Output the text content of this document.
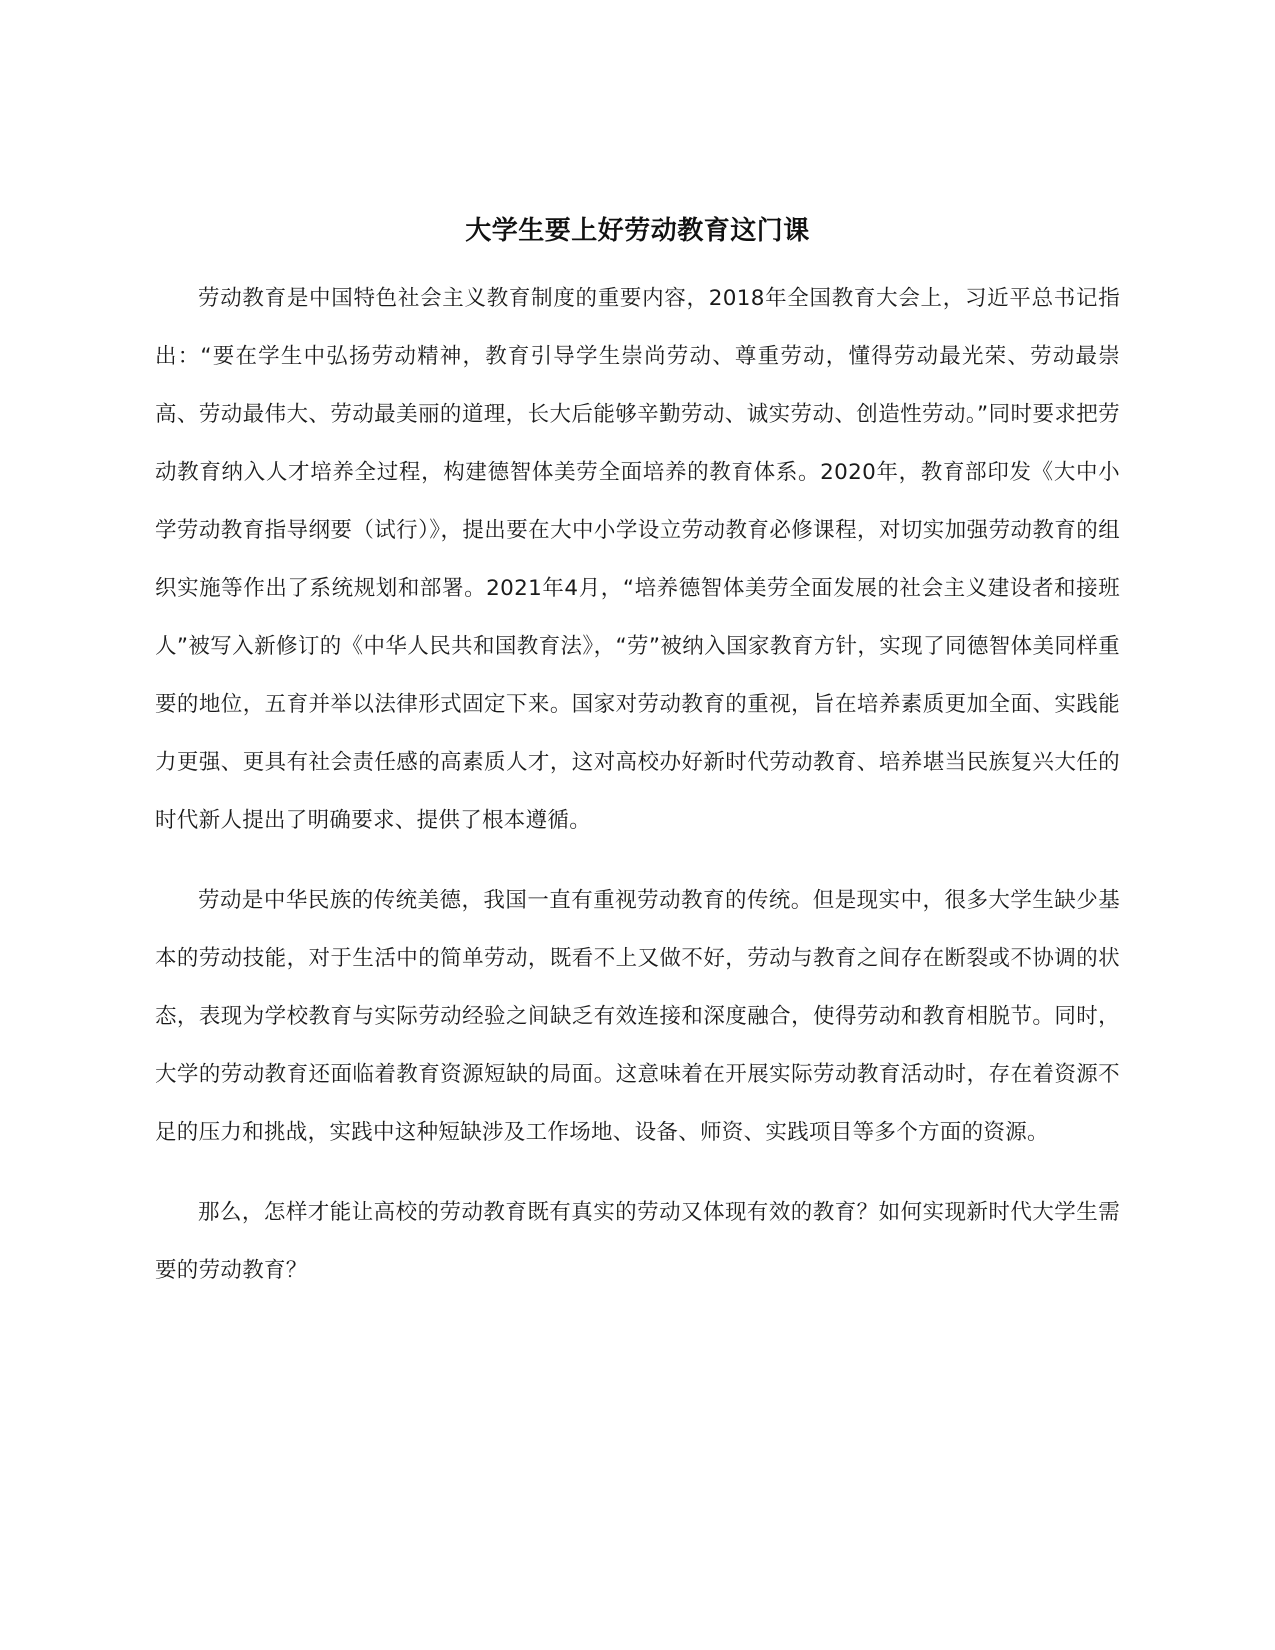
大学生要上好劳动教育这门课

劳动教育是中国特色社会主义教育制度的重要内容，2018年全国教育大会上，习近平总书记指出：“要在学生中弘扬劳动精神，教育引导学生崇尚劳动、尊重劳动，懂得劳动最光荣、劳动最崇高、劳动最伟大、劳动最美丽的道理，长大后能够辛勤劳动、诚实劳动、创造性劳动。”同时要求把劳动教育纳入人才培养全过程，构建德智体美劳全面培养的教育体系。2020年，教育部印发《大中小学劳动教育指导纲要（试行）》，提出要在大中小学设立劳动教育必修课程，对切实加强劳动教育的组织实施等作出了系统规划和部署。2021年4月，“培养德智体美劳全面发展的社会主义建设者和接班人”被写入新修订的《中华人民共和国教育法》，“劳”被纳入国家教育方针，实现了同德智体美同样重要的地位，五育并举以法律形式固定下来。国家对劳动教育的重视，旨在培养素质更加全面、实践能力更强、更具有社会责任感的高素质人才，这对高校办好新时代劳动教育、培养堪当民族复兴大任的时代新人提出了明确要求、提供了根本遵循。

劳动是中华民族的传统美德，我国一直有重视劳动教育的传统。但是现实中，很多大学生缺少基本的劳动技能，对于生活中的简单劳动，既看不上又做不好，劳动与教育之间存在断裂或不协调的状态，表现为学校教育与实际劳动经验之间缺乏有效连接和深度融合，使得劳动和教育相脱节。同时，大学的劳动教育还面临着教育资源短缺的局面。这意味着在开展实际劳动教育活动时，存在着资源不足的压力和挑战，实践中这种短缺涉及工作场地、设备、师资、实践项目等多个方面的资源。

那么，怎样才能让高校的劳动教育既有真实的劳动又体现有效的教育？如何实现新时代大学生需要的劳动教育？
